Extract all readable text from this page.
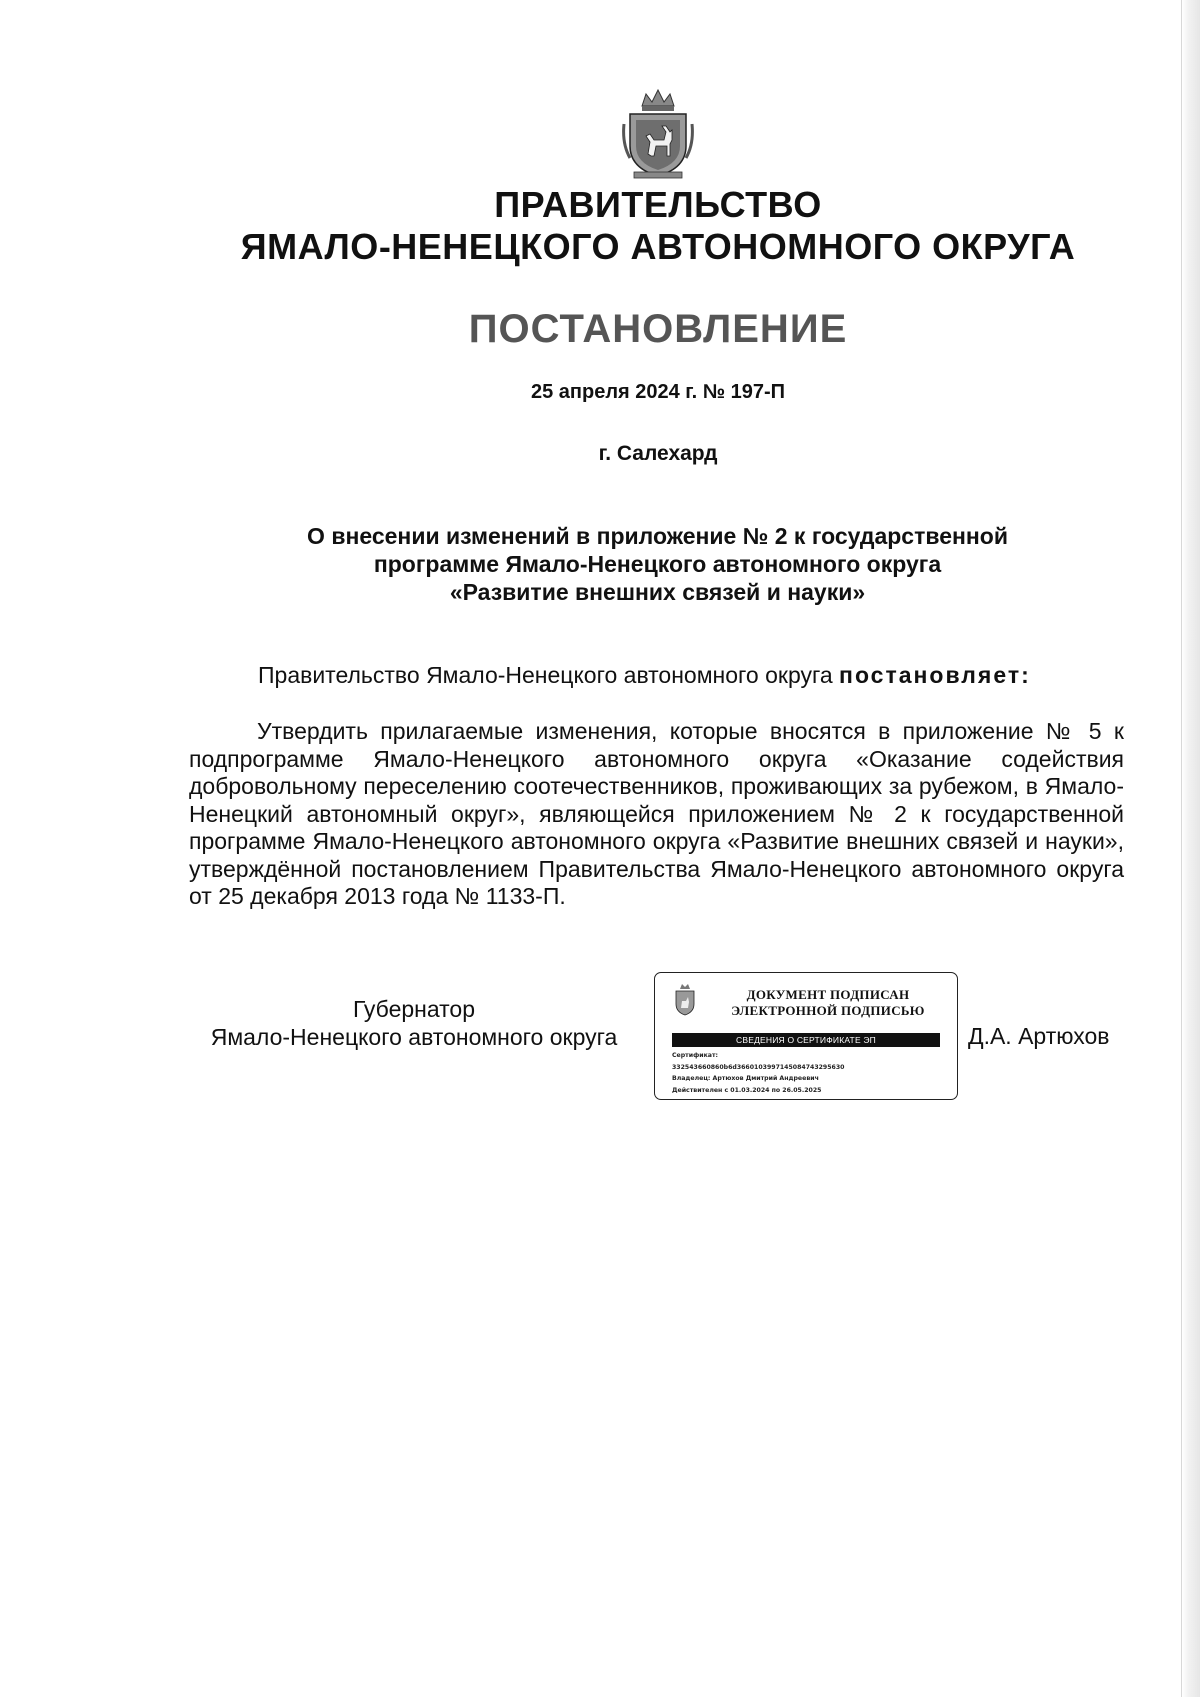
ПРАВИТЕЛЬСТВО
ЯМАЛО-НЕНЕЦКОГО АВТОНОМНОГО ОКРУГА
ПОСТАНОВЛЕНИЕ
25 апреля 2024 г. № 197-П
г. Салехард
О внесении изменений в приложение № 2 к государственной
программе Ямало-Ненецкого автономного округа
«Развитие внешних связей и науки»
Правительство Ямало-Ненецкого автономного округа постановляет:
Утвердить прилагаемые изменения, которые вносятся в приложение № 5 к подпрограмме Ямало-Ненецкого автономного округа «Оказание содействия добровольному переселению соотечественников, проживающих за рубежом, в Ямало-Ненецкий автономный округ», являющейся приложением № 2 к государственной программе Ямало-Ненецкого автономного округа «Развитие внешних связей и науки», утверждённой постановлением Правительства Ямало-Ненецкого автономного округа от 25 декабря 2013 года № 1133-П.
Губернатор
Ямало-Ненецкого автономного округа
ДОКУМЕНТ ПОДПИСАН
ЭЛЕКТРОННОЙ ПОДПИСЬЮ
СВЕДЕНИЯ О СЕРТИФИКАТЕ ЭП
Сертификат:
332543660860b6d3660103997145084743295630
Владелец: Артюхов Дмитрий Андреевич
Действителен с 01.03.2024 по 26.05.2025
Д.А. Артюхов
